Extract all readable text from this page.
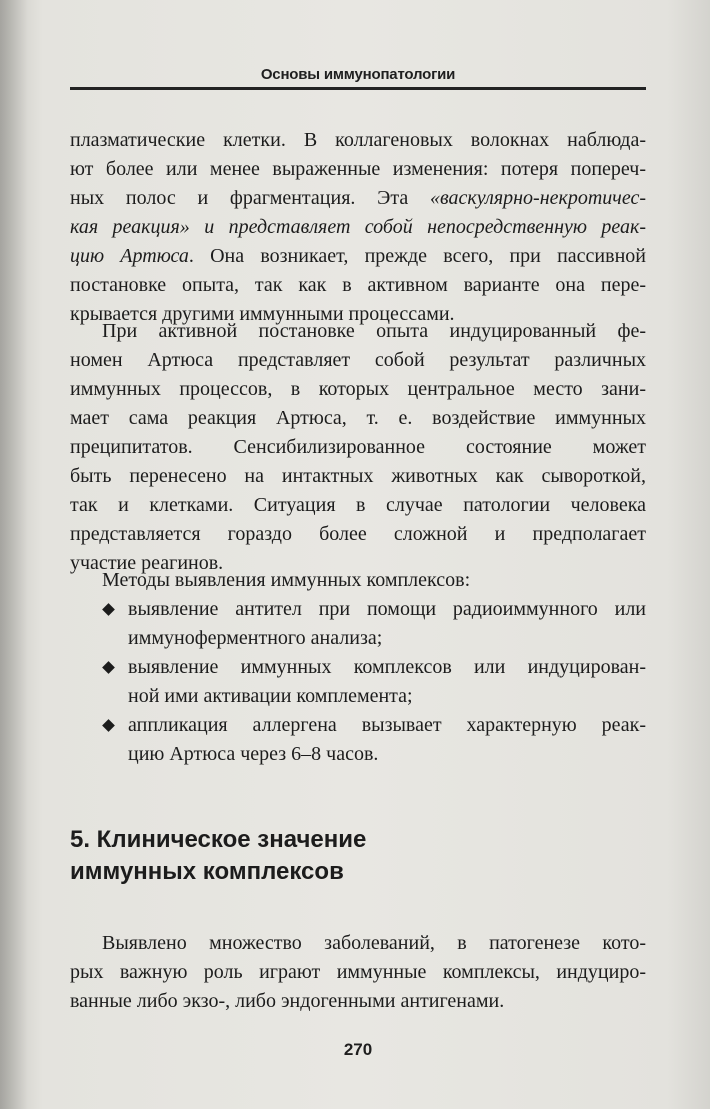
Основы иммунопатологии
плазматические клетки. В коллагеновых волокнах наблюда-
ют более или менее выраженные изменения: потеря попереч-
ных полос и фрагментация. Эта «васкулярно-некротичес-
кая реакция» и представляет собой непосредственную реак-
цию Артюса. Она возникает, прежде всего, при пассивной
постановке опыта, так как в активном варианте она пере-
крывается другими иммунными процессами.
При активной постановке опыта индуцированный фе-
номен Артюса представляет собой результат различных
иммунных процессов, в которых центральное место зани-
мает сама реакция Артюса, т. е. воздействие иммунных
преципитатов. Сенсибилизированное состояние может
быть перенесено на интактных животных как сывороткой,
так и клетками. Ситуация в случае патологии человека
представляется гораздо более сложной и предполагает
участие реагинов.
Методы выявления иммунных комплексов:
выявление антител при помощи радиоиммунного или
иммуноферментного анализа;
выявление иммунных комплексов или индуцирован-
ной ими активации комплемента;
аппликация аллергена вызывает характерную реак-
цию Артюса через 6–8 часов.
5. Клиническое значение
иммунных комплексов
Выявлено множество заболеваний, в патогенезе кото-
рых важную роль играют иммунные комплексы, индуциро-
ванные либо экзо-, либо эндогенными антигенами.
270
